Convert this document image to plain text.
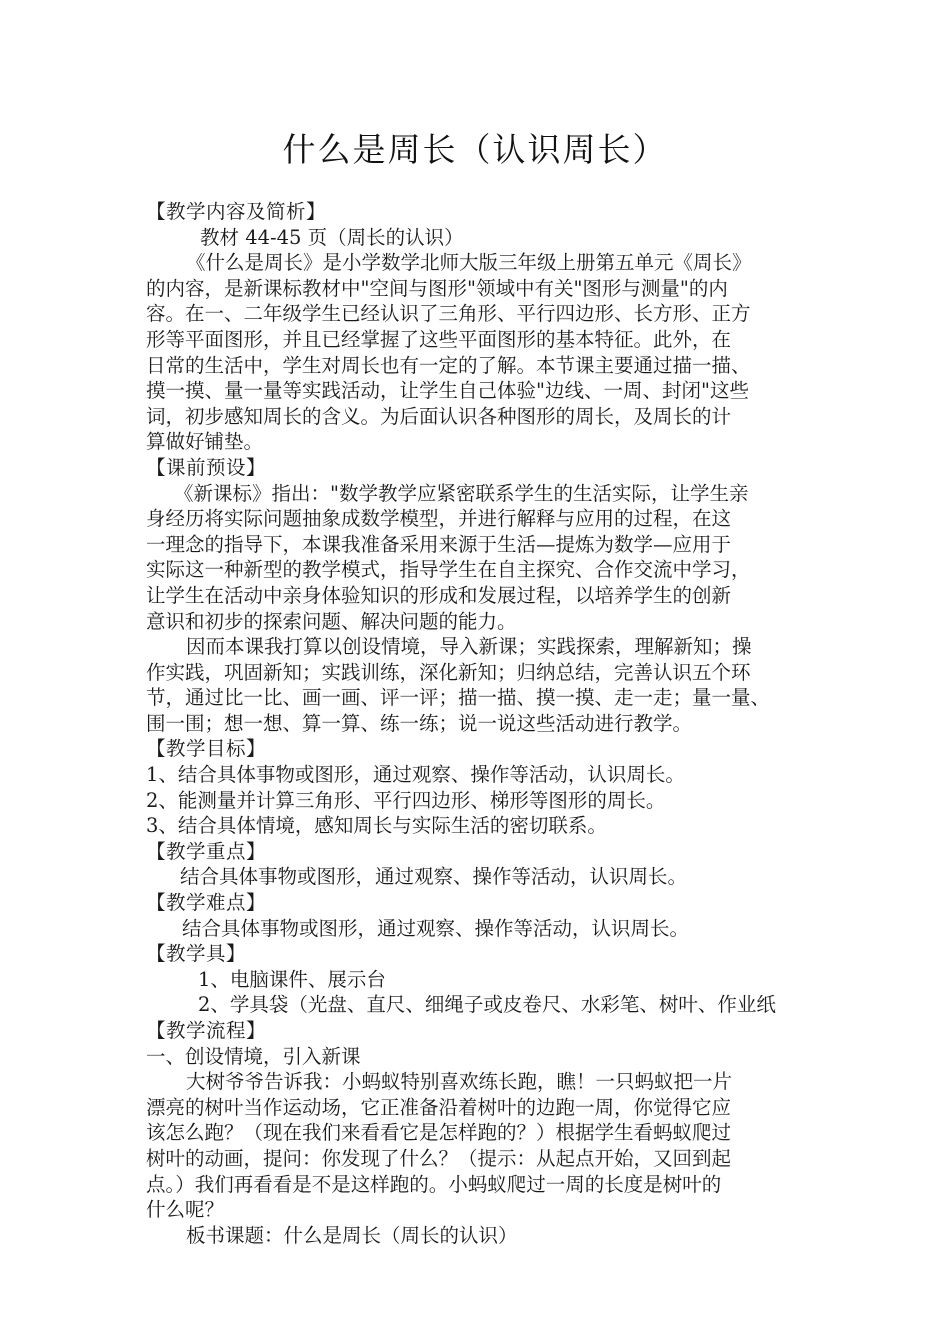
什么是周长（认识周长）
【教学内容及简析】
教材 44-45 页（周长的认识）
《什么是周长》是小学数学北师大版三年级上册第五单元《周长》
的内容，是新课标教材中"空间与图形"领域中有关"图形与测量"的内
容。在一、二年级学生已经认识了三角形、平行四边形、长方形、正方
形等平面图形，并且已经掌握了这些平面图形的基本特征。此外，在
日常的生活中，学生对周长也有一定的了解。本节课主要通过描一描、
摸一摸、量一量等实践活动，让学生自己体验"边线、一周、封闭"这些
词，初步感知周长的含义。为后面认识各种图形的周长，及周长的计
算做好铺垫。
【课前预设】
《新课标》指出："数学教学应紧密联系学生的生活实际，让学生亲
身经历将实际问题抽象成数学模型，并进行解释与应用的过程，在这
一理念的指导下，本课我准备采用来源于生活—提炼为数学—应用于
实际这一种新型的教学模式，指导学生在自主探究、合作交流中学习，
让学生在活动中亲身体验知识的形成和发展过程，以培养学生的创新
意识和初步的探索问题、解决问题的能力。
因而本课我打算以创设情境，导入新课；实践探索，理解新知；操
作实践，巩固新知；实践训练，深化新知；归纳总结，完善认识五个环
节，通过比一比、画一画、评一评；描一描、摸一摸、走一走；量一量、
围一围；想一想、算一算、练一练；说一说这些活动进行教学。
【教学目标】
1、结合具体事物或图形，通过观察、操作等活动，认识周长。
2、能测量并计算三角形、平行四边形、梯形等图形的周长。
3、结合具体情境，感知周长与实际生活的密切联系。
【教学重点】
结合具体事物或图形，通过观察、操作等活动，认识周长。
【教学难点】
结合具体事物或图形，通过观察、操作等活动，认识周长。
【教学具】
1、电脑课件、展示台
2、学具袋（光盘、直尺、细绳子或皮卷尺、水彩笔、树叶、作业纸
【教学流程】
一、创设情境，引入新课
大树爷爷告诉我：小蚂蚁特别喜欢练长跑，瞧！一只蚂蚁把一片
漂亮的树叶当作运动场，它正准备沿着树叶的边跑一周，你觉得它应
该怎么跑？（现在我们来看看它是怎样跑的？）根据学生看蚂蚁爬过
树叶的动画，提问：你发现了什么？（提示：从起点开始，又回到起
点。）我们再看看是不是这样跑的。小蚂蚁爬过一周的长度是树叶的
什么呢？
板书课题：什么是周长（周长的认识）
